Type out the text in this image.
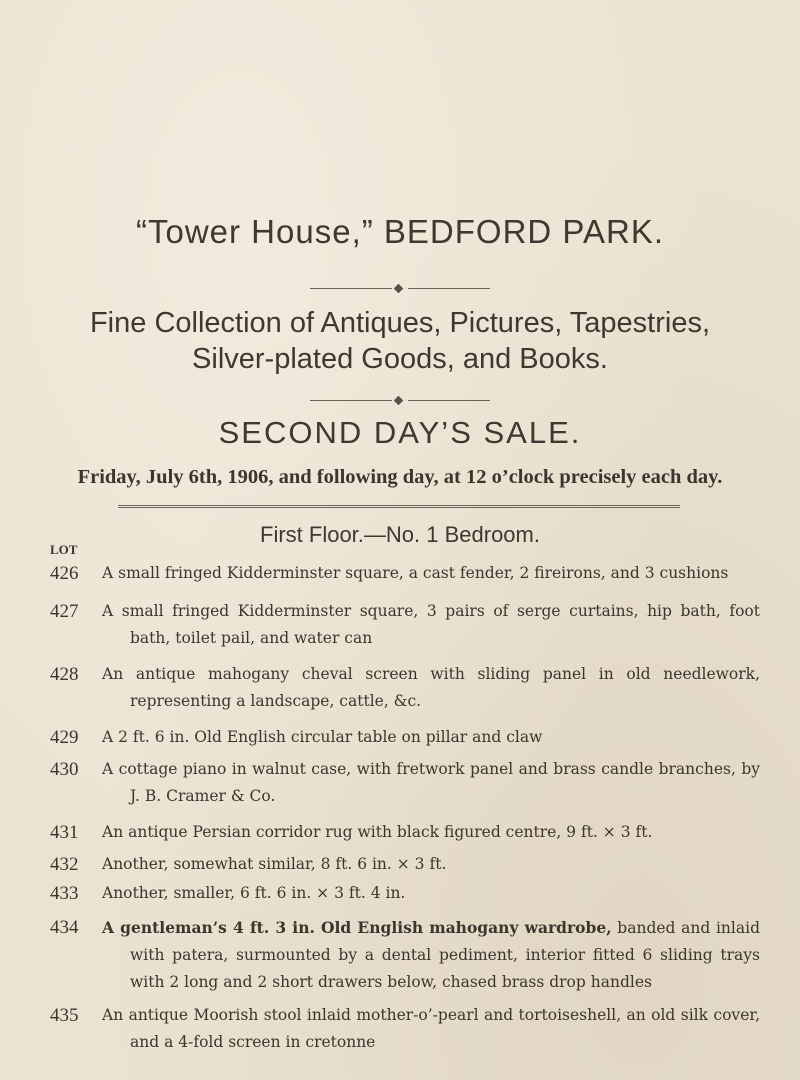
“Tower House,” BEDFORD PARK.
Fine Collection of Antiques, Pictures, Tapestries,
Silver-plated Goods, and Books.
SECOND DAY’S SALE.
Friday, July 6th, 1906, and following day, at 12 o’clock precisely each day.
First Floor.—No. 1 Bedroom.
LOT
426	A small fringed Kidderminster square, a cast fender, 2 fireirons, and 3 cushions
427	A small fringed Kidderminster square, 3 pairs of serge curtains, hip bath, foot bath, toilet pail, and water can
428	An antique mahogany cheval screen with sliding panel in old needlework, representing a landscape, cattle, &c.
429	A 2 ft. 6 in. Old English circular table on pillar and claw
430	A cottage piano in walnut case, with fretwork panel and brass candle branches, by J. B. Cramer & Co.
431	An antique Persian corridor rug with black figured centre, 9 ft. × 3 ft.
432	Another, somewhat similar, 8 ft. 6 in. × 3 ft.
433	Another, smaller, 6 ft. 6 in. × 3 ft. 4 in.
434	A gentleman’s 4 ft. 3 in. Old English mahogany wardrobe, banded and inlaid with paterа, surmounted by a dental pediment, interior fitted 6 sliding trays with 2 long and 2 short drawers below, chased brass drop handles
435	An antique Moorish stool inlaid mother-o’-pearl and tortoiseshell, an old silk cover, and a 4-fold screen in cretonne
